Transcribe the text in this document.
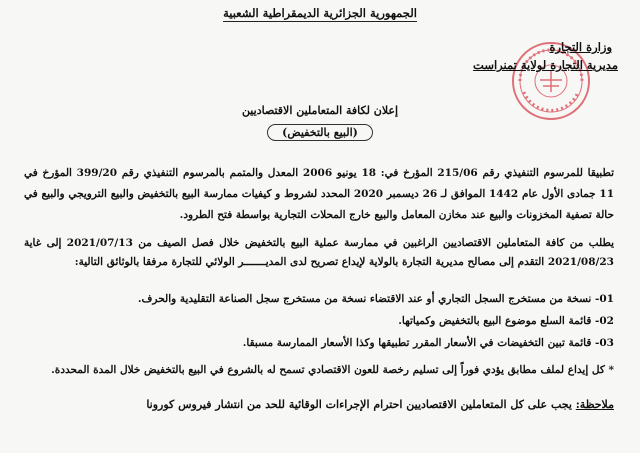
الجمهورية الجزائرية الديمقراطية الشعبية
وزارة التجارة
مديرية التجارة لولاية تمنراست
إعلان لكافة المتعاملين الاقتصاديين
(البيع بالتخفيض)
تطبيقا للمرسوم التنفيذي رقم 215/06 المؤرخ في: 18 يونيو 2006 المعدل والمتمم بالمرسوم التنفيذي رقم 399/20 المؤرخ في 11 جمادى الأول عام 1442 الموافق لـ 26 ديسمبر 2020 المحدد لشروط و كيفيات ممارسة البيع بالتخفيض والبيع الترويجي والبيع في حالة تصفية المخزونات والبيع عند مخازن المعامل والبيع خارج المحلات التجارية بواسطة فتح الطرود.
يطلب من كافة المتعاملين الاقتصاديين الراغبين في ممارسة عملية البيع بالتخفيض خلال فصل الصيف من 2021/07/13 إلى غاية 2021/08/23 التقدم إلى مصالح مديرية التجارة بالولاية لإيداع تصريح لدى المديـــــــر الولائي للتجارة مرفقا بالوثائق التالية:
01- نسخة من مستخرج السجل التجاري أو عند الاقتضاء نسخة من مستخرج سجل الصناعة التقليدية والحرف.
02- قائمة السلع موضوع البيع بالتخفيض وكمياتها.
03- قائمة تبين التخفيضات في الأسعار المقرر تطبيقها وكذا الأسعار الممارسة مسبقا.
* كل إيداع لملف مطابق يؤدي فوراً إلى تسليم رخصة للعون الاقتصادي تسمح له بالشروع في البيع بالتخفيض خلال المدة المحددة.
ملاحظة: يجب على كل المتعاملين الاقتصاديين احترام الإجراءات الوقائية للحد من انتشار فيروس كورونا
